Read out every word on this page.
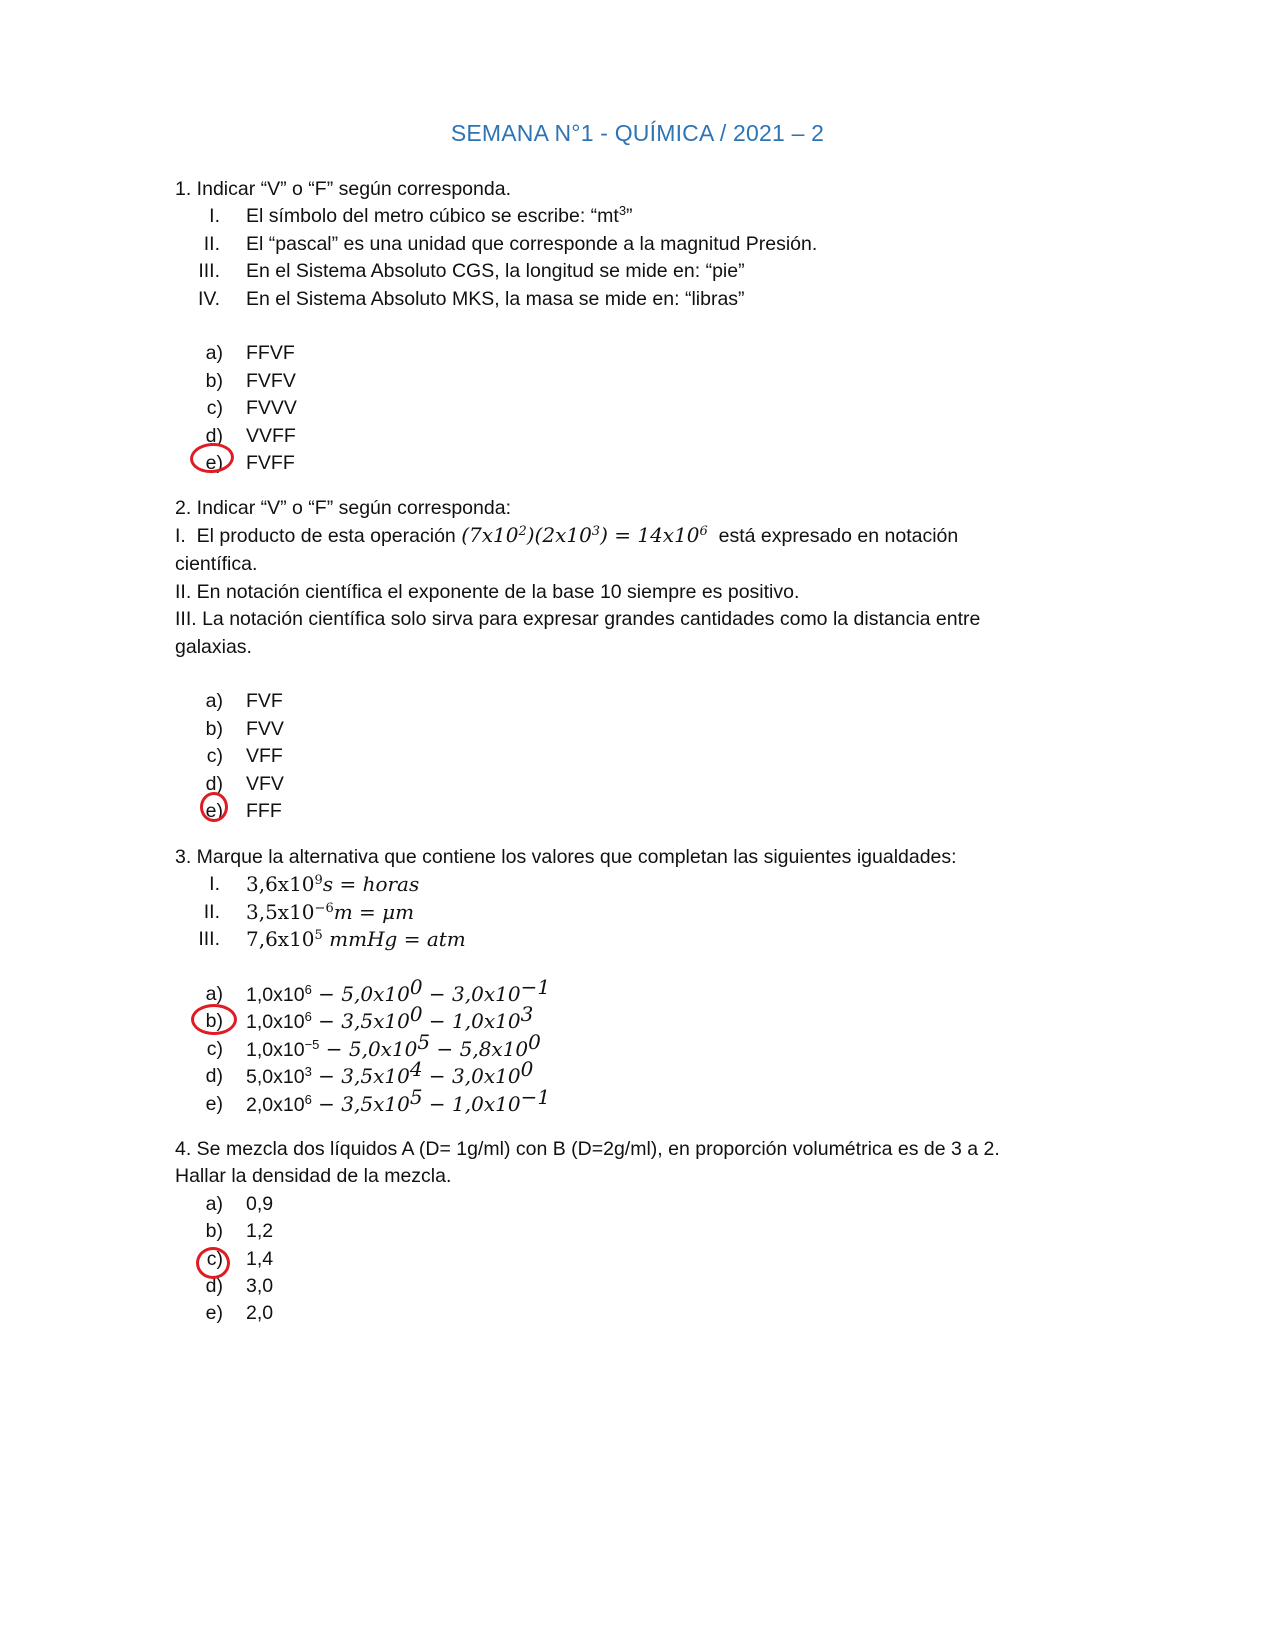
SEMANA N°1 - QUÍMICA / 2021 – 2
1. Indicar “V” o “F” según corresponda.
I. El símbolo del metro cúbico se escribe: “$mt^3$”
II. El “pascal” es una unidad que corresponde a la magnitud Presión.
III. En el Sistema Absoluto CGS, la longitud se mide en: “pie”
IV. En el Sistema Absoluto MKS, la masa se mide en: “libras”
a) FFVF
b) FVFV
c) FVVV
d) VVFF
e) FVFF
2. Indicar “V” o “F” según corresponda:
I.  El producto de esta operación $(7x10^2)(2x10^3) = 14x10^6$  está expresado en notación
científica.
II. En notación científica el exponente de la base 10 siempre es positivo.
III. La notación científica solo sirva para expresar grandes cantidades como la distancia entre
galaxias.
a) FVF
b) FVV
c) VFF
d) VFV
e) FFF
3. Marque la alternativa que contiene los valores que completan las siguientes igualdades:
I. $3,6x10^9s$ = horas
II. $3,5x10^{-6}m = \mu m$
III. $7,6x10^5$ mmHg = atm
a) $1,0x10^6 - 5,0x10^0 - 3,0x10^{-1}$
b) $1,0x10^6 - 3,5x10^0 - 1,0x10^3$
c) $1,0x10^{-5} - 5,0x10^5 - 5,8x10^0$
d) $5,0x10^3 - 3,5x10^4 - 3,0x10^0$
e) $2,0x10^6 - 3,5x10^5 - 1,0x10^{-1}$
4. Se mezcla dos líquidos A (D= 1g/ml) con B (D=2g/ml), en proporción volumétrica es de 3 a 2.
Hallar la densidad de la mezcla.
a) 0,9
b) 1,2
c) 1,4
d) 3,0
e) 2,0
